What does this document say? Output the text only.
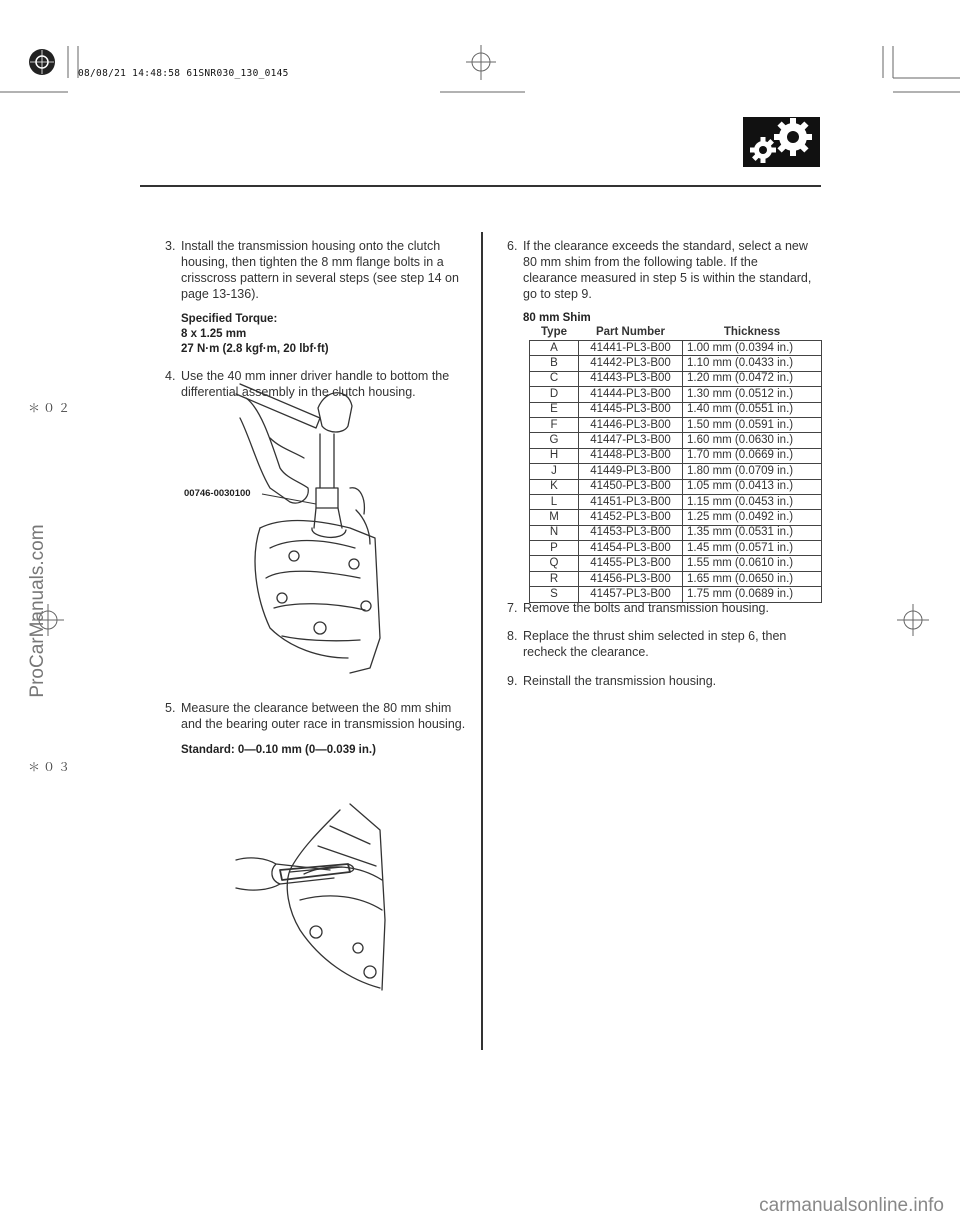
08/08/21 14:48:58 61SNR030_130_0145
＊０２
＊０３
ProCarManuals.com
carmanualsonline.info
3. Install the transmission housing onto the clutch
housing, then tighten the 8 mm flange bolts in a
crisscross pattern in several steps (see step 14 on
page 13-136).
Specified Torque:
8 x 1.25 mm
27 N·m (2.8 kgf·m, 20 lbf·ft)
4. Use the 40 mm inner driver handle to bottom the
differential assembly in the clutch housing.
00746-0030100
5. Measure the clearance between the 80 mm shim
and the bearing outer race in transmission housing.
Standard: 0—0.10 mm (0—0.039 in.)
6. If the clearance exceeds the standard, select a new
80 mm shim from the following table. If the
clearance measured in step 5 is within the standard,
go to step 9.
80 mm Shim
Type	Part Number	Thickness
A	41441-PL3-B00	1.00 mm (0.0394 in.)
B	41442-PL3-B00	1.10 mm (0.0433 in.)
C	41443-PL3-B00	1.20 mm (0.0472 in.)
D	41444-PL3-B00	1.30 mm (0.0512 in.)
E	41445-PL3-B00	1.40 mm (0.0551 in.)
F	41446-PL3-B00	1.50 mm (0.0591 in.)
G	41447-PL3-B00	1.60 mm (0.0630 in.)
H	41448-PL3-B00	1.70 mm (0.0669 in.)
J	41449-PL3-B00	1.80 mm (0.0709 in.)
K	41450-PL3-B00	1.05 mm (0.0413 in.)
L	41451-PL3-B00	1.15 mm (0.0453 in.)
M	41452-PL3-B00	1.25 mm (0.0492 in.)
N	41453-PL3-B00	1.35 mm (0.0531 in.)
P	41454-PL3-B00	1.45 mm (0.0571 in.)
Q	41455-PL3-B00	1.55 mm (0.0610 in.)
R	41456-PL3-B00	1.65 mm (0.0650 in.)
S	41457-PL3-B00	1.75 mm (0.0689 in.)
7. Remove the bolts and transmission housing.
8. Replace the thrust shim selected in step 6, then
recheck the clearance.
9. Reinstall the transmission housing.
